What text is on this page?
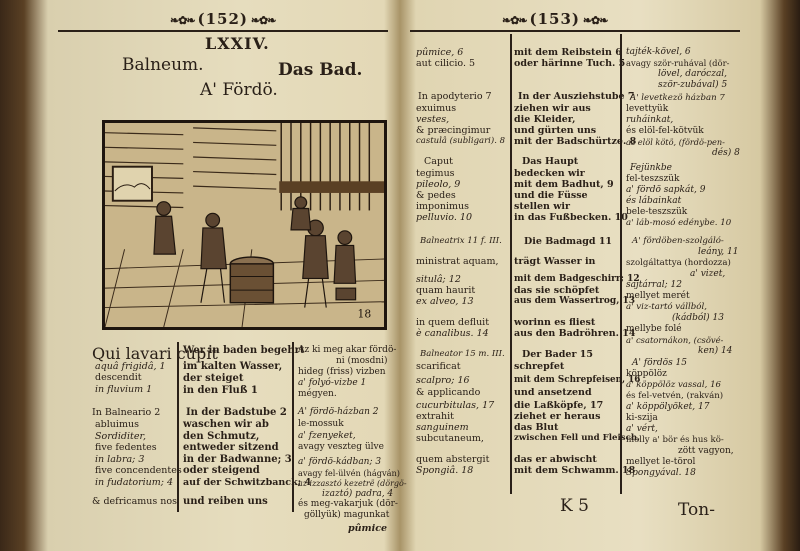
❧✿❧ (152) ❧✿❧
LXXIV.
Balneum.	Das Bad.
A' Fördö.
18
Qui lavari cupit
aquâ frigidâ, 1
descendit
in fluvium 1
In Balneario 2
abluimus
Sordiditer,
five fedentes
in labra; 3
five concendentes
in fudatorium; 4
& defricamus nos
Wer in baden begehrt
im kalten Wasser,
der steiget
in den Fluß 1
In der Badstube 2
waschen wir ab
den Schmutz,
entweder sitzend
in der Badwanne; 3
oder steigend
auf der Schwitzbanck; 4
und reiben uns
Az ki meg akar fördö-
ni (mosdni)
hideg (friss) vizben
a' folyó-vizbe 1
mégyen.
A' fördö-házban 2
le-mossuk
a' fzenyeket,
avagy veszteg ülve
a' fördö-kádban; 3
avagy fel-ülvén (hágván)
az izzasztó kezetrë (dörgö-
izaztó) padra, 4
és meg-vakarjuk (dör-
göllyük) magunkat
pûmice
❧✿❧ (153) ❧✿❧
pûmice, 6
aut cilicio. 5
In apodyterio 7
exuimus
vestes,
& præcingimur
castulâ (subligari). 8
Caput
tegimus
pileolo, 9
& pedes
imponimus
pelluvio. 10
Balneatrix 11 f. III.
ministrat aquam,
situlâ; 12
quam haurit
ex alveo, 13
in quem defluit
è canalibus. 14
Balneator 15 m. III.
scarificat
scalpro; 16
& applicando
cucurbitulas, 17
extrahit
sanguinem
subcutaneum,
quem abstergit
Spongiâ. 18
mit dem Reibstein 6
oder härinne Tuch. 5
In der Ausziehstube 7
ziehen wir aus
die Kleider,
und gürten uns
mit der Badschürtze. 8
Das Haupt
bedecken wir
mit dem Badhut, 9
und die Füsse
stellen wir
in das Fußbecken. 10
Die Badmagd 11
trägt Wasser in
mit dem Badgeschirr; 12
das sie schöpfet
aus dem Wassertrog, 13
worinn es fliest
aus den Badröhren. 14
Der Bader 15
schrepfet
mit dem Schrepfeisen, 16
und ansetzend
die Laßköpfe, 17
ziehet er heraus
das Blut
zwischen Fell und Fleisch,
das er abwischt
mit dem Schwamm. 18
tajték-kövel, 6
avagy ször-ruhával (dör-
lövel, daróczal,
ször-zubával) 5
A' levetkezö házban 7
levettyük
ruháinkat,
és elöl-fel-kötvük
az elöl kötö, (fördö-pen-
dés) 8
Fejünkbe
fel-teszszük
a' fördö sapkát, 9
és lábainkat
bele-teszszük
a' láb-mosó edénybe. 10
A' fördöben-szolgáló-
leány, 11
szolgáltattya (hordozza)
a' vizet,
sajtárral; 12
mellyet merét
a' viz-tartó vállból,
(kádból) 13
mellybe folé
a' csatornákon, (csövé-
ken) 14
A' fördös 15
köppölöz
a' köppölöz vassal, 16
és fel-vetvén, (rakván)
a' köppölyöket, 17
ki-szija
a' vért,
melly a' bör és hus kö-
zött vagyon,
mellyet le-törol
Spongyával. 18
K 5	Ton-
